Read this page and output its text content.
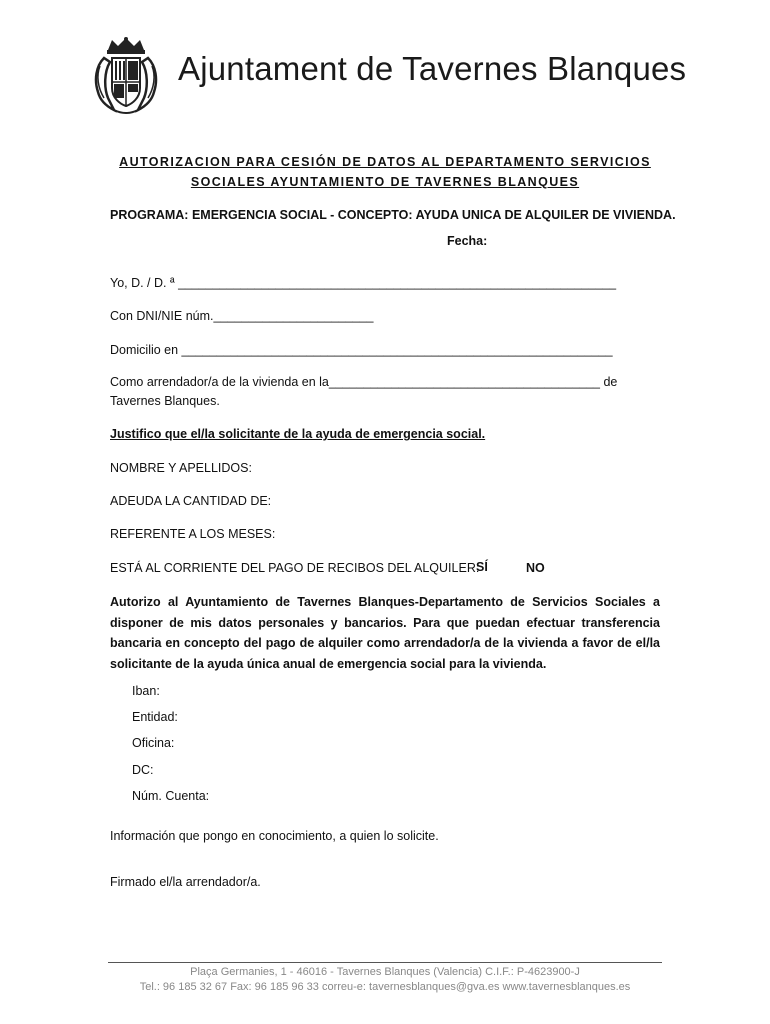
Ajuntament de Tavernes Blanques
AUTORIZACION PARA CESIÓN DE DATOS AL DEPARTAMENTO SERVICIOS
SOCIALES AYUNTAMIENTO DE TAVERNES BLANQUES
PROGRAMA: EMERGENCIA SOCIAL - CONCEPTO: AYUDA UNICA DE ALQUILER DE VIVIENDA.
Fecha:
Yo, D. / D. ª _______________________________________________________________
Con DNI/NIE núm._______________________
Domicilio en ______________________________________________________________
Como arrendador/a de la vivienda en la_______________________________________ de
Tavernes Blanques.
Justifico que el/la solicitante de la ayuda de emergencia social.
NOMBRE Y APELLIDOS:
ADEUDA LA CANTIDAD DE:
REFERENTE A LOS MESES:
ESTÁ AL CORRIENTE DEL PAGO DE RECIBOS DEL ALQUILER:
SÍ	NO
Autorizo al Ayuntamiento de Tavernes Blanques-Departamento de Servicios Sociales a disponer de mis datos personales y bancarios. Para que puedan efectuar transferencia bancaria en concepto del pago de alquiler como arrendador/a de la vivienda a favor de el/la solicitante de la ayuda única anual de emergencia social para la vivienda.
Iban:
Entidad:
Oficina:
DC:
Núm. Cuenta:
Información que pongo en conocimiento, a quien lo solicite.
Firmado el/la arrendador/a.
Plaça Germanies, 1 - 46016 - Tavernes Blanques (Valencia) C.I.F.: P-4623900-J
Tel.: 96 185 32 67 Fax: 96 185 96 33 correu-e: tavernesblanques@gva.es www.tavernesblanques.es
